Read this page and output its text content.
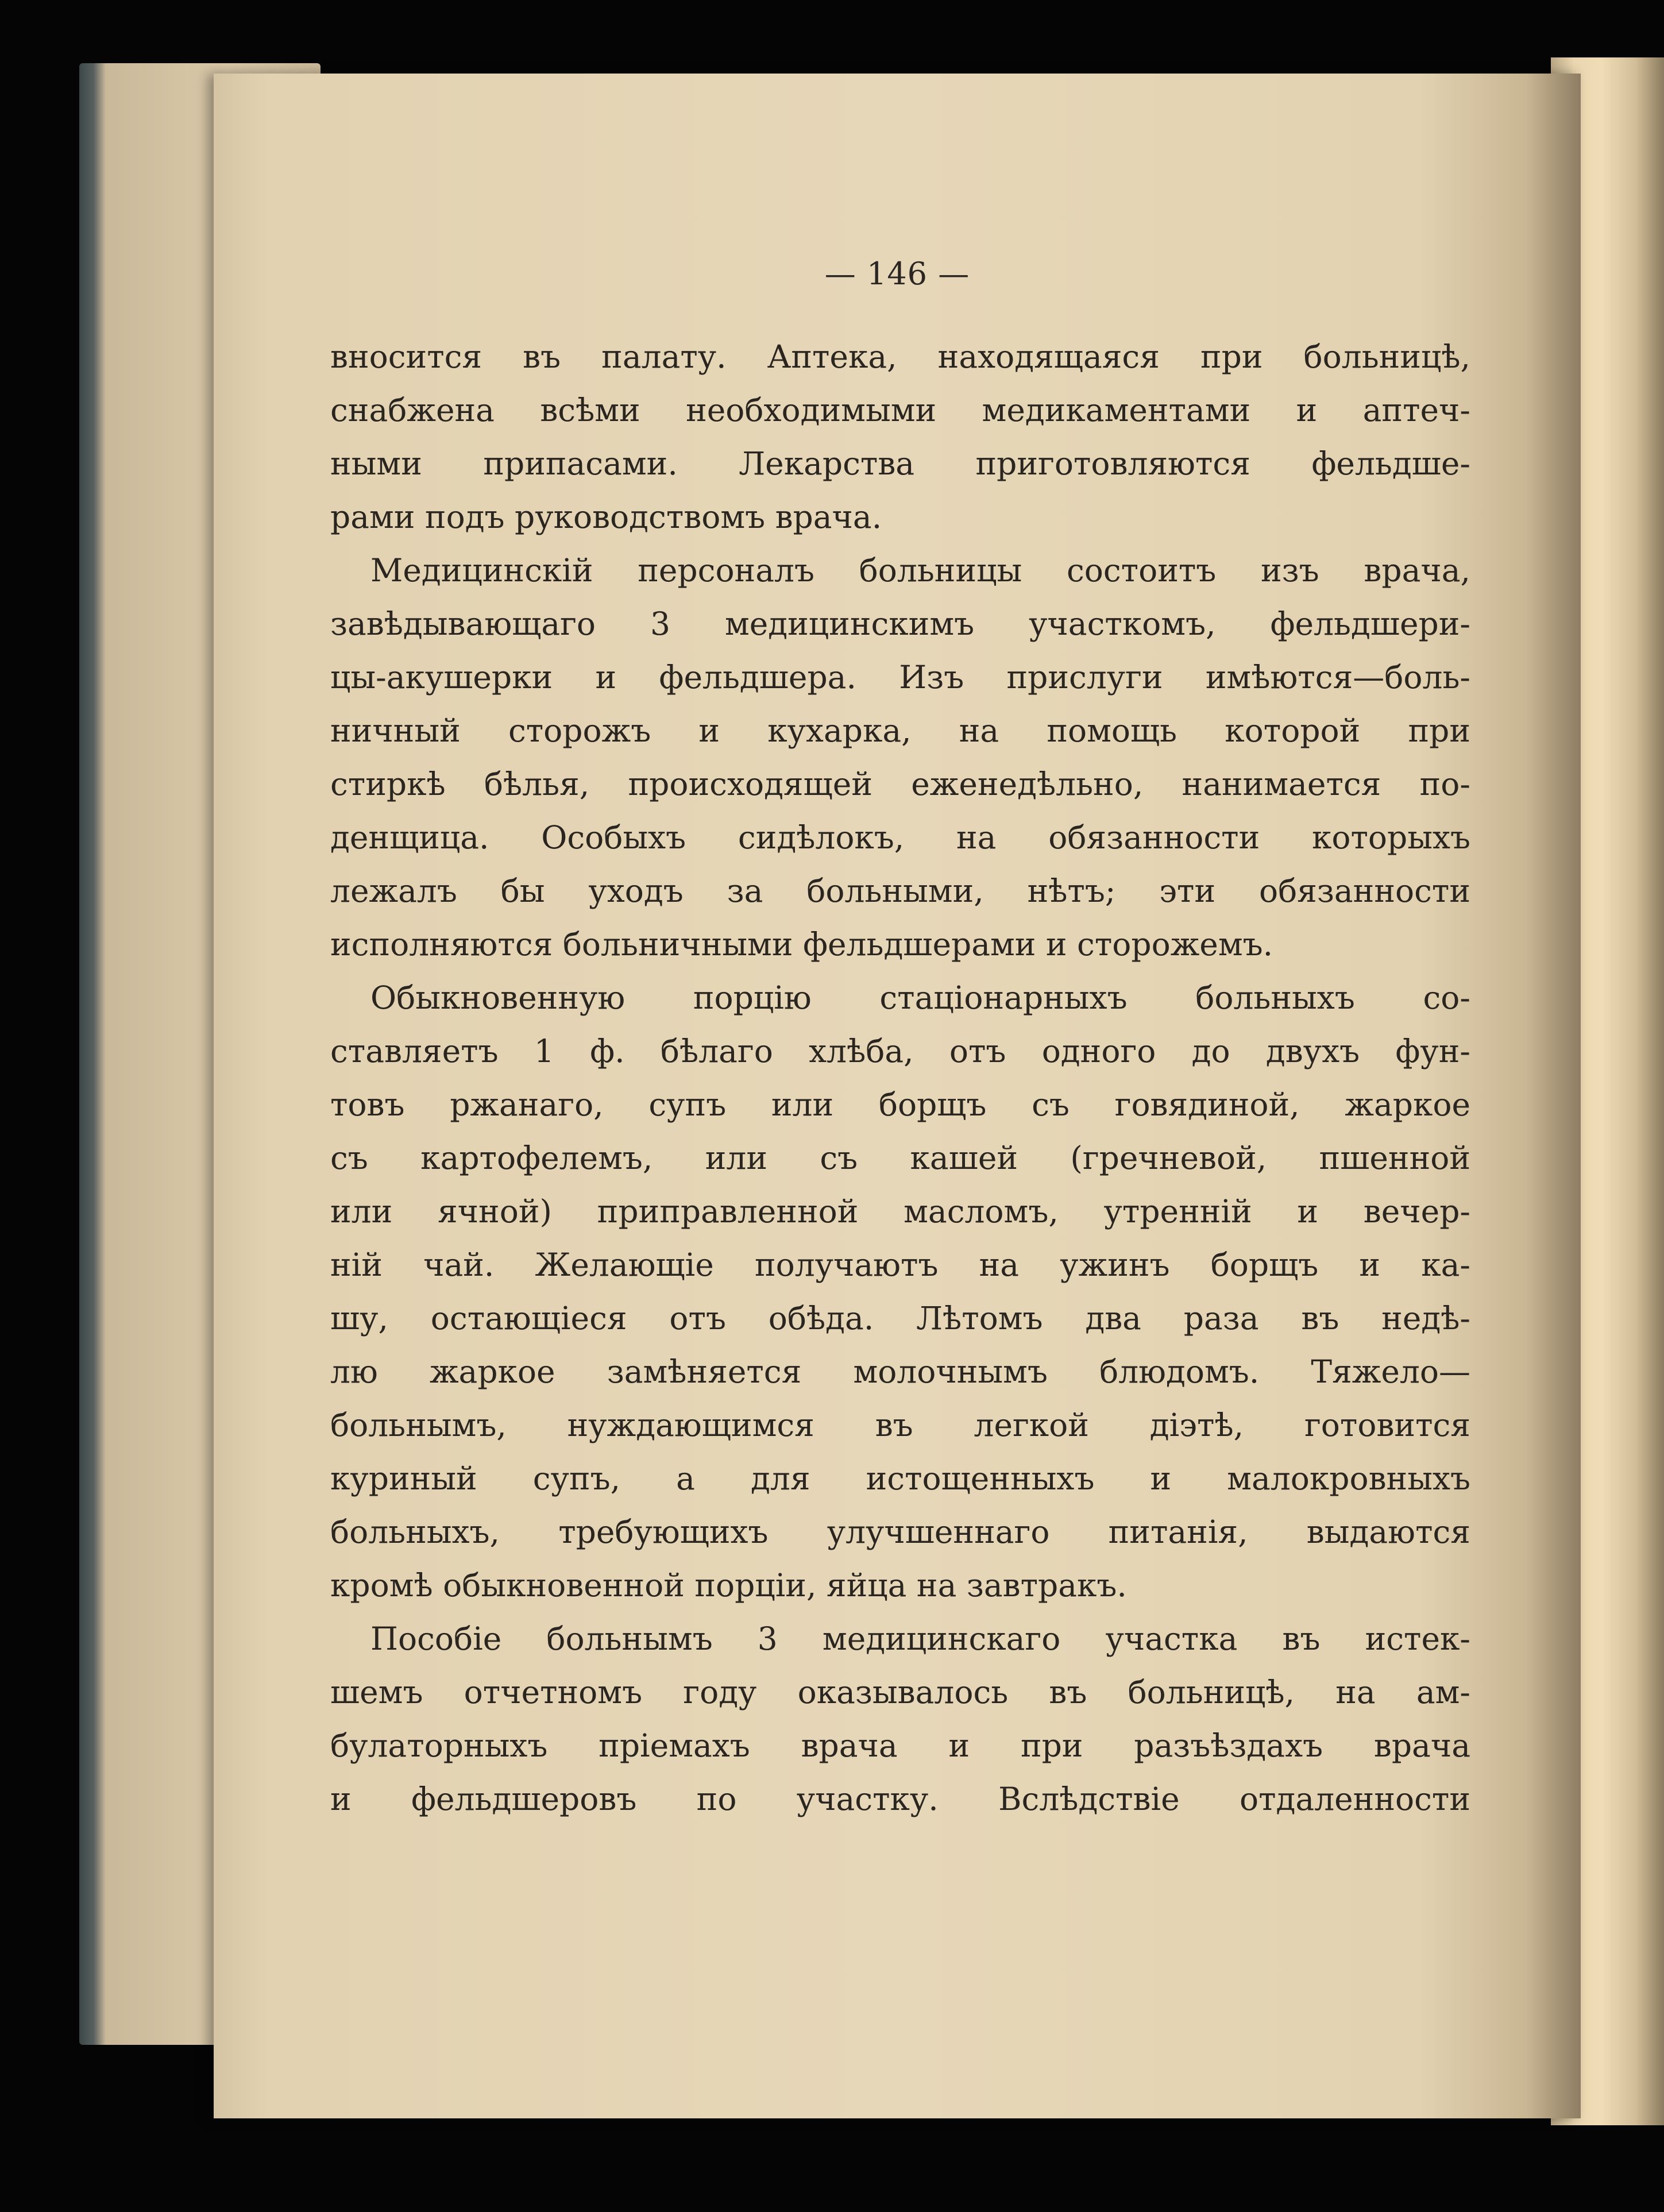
— 146 —
вносится въ палату. Аптека, находящаяся при больницѣ,
снабжена всѣми необходимыми медикаментами и аптеч-
ными припасами. Лекарства приготовляются фельдше-
рами подъ руководствомъ врача.
Медицинскій персоналъ больницы состоитъ изъ врача,
завѣдывающаго 3 медицинскимъ участкомъ, фельдшери-
цы-акушерки и фельдшера. Изъ прислуги имѣются—боль-
ничный сторожъ и кухарка, на помощь которой при
стиркѣ бѣлья, происходящей еженедѣльно, нанимается по-
денщица. Особыхъ сидѣлокъ, на обязанности которыхъ
лежалъ бы уходъ за больными, нѣтъ; эти обязанности
исполняются больничными фельдшерами и сторожемъ.
Обыкновенную порцію стаціонарныхъ больныхъ со-
ставляетъ 1 ф. бѣлаго хлѣба, отъ одного до двухъ фун-
товъ ржанаго, супъ или борщъ съ говядиной, жаркое
съ картофелемъ, или съ кашей (гречневой, пшенной
или ячной) приправленной масломъ, утренній и вечер-
ній чай. Желающіе получаютъ на ужинъ борщъ и ка-
шу, остающіеся отъ обѣда. Лѣтомъ два раза въ недѣ-
лю жаркое замѣняется молочнымъ блюдомъ. Тяжело—
больнымъ, нуждающимся въ легкой діэтѣ, готовится
куриный супъ, а для истощенныхъ и малокровныхъ
больныхъ, требующихъ улучшеннаго питанія, выдаются
кромѣ обыкновенной порціи, яйца на завтракъ.
Пособіе больнымъ 3 медицинскаго участка въ истек-
шемъ отчетномъ году оказывалось въ больницѣ, на ам-
булаторныхъ пріемахъ врача и при разъѣздахъ врача
и фельдшеровъ по участку. Вслѣдствіе отдаленности
